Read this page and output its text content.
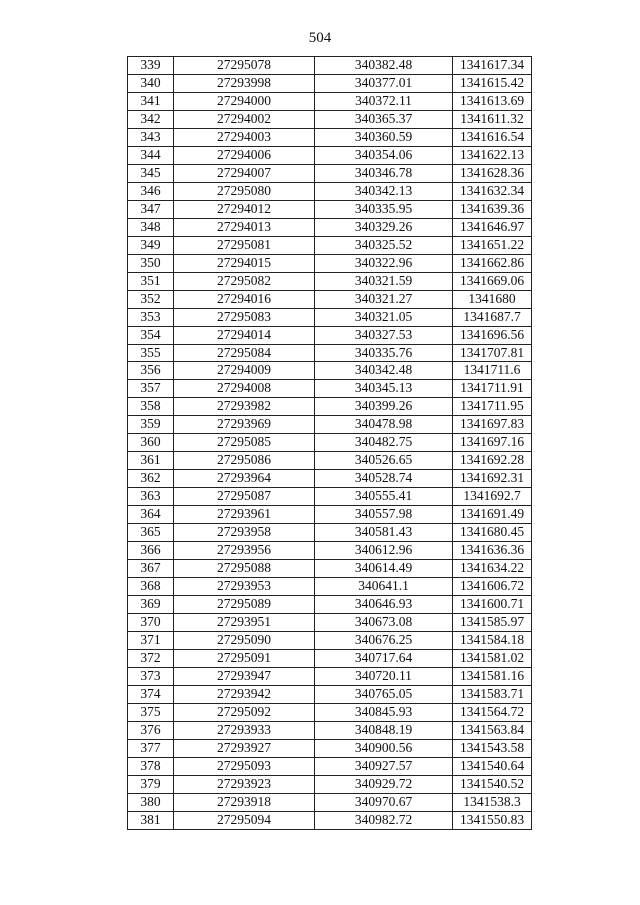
504
339	27295078	340382.48	1341617.34
340	27293998	340377.01	1341615.42
341	27294000	340372.11	1341613.69
342	27294002	340365.37	1341611.32
343	27294003	340360.59	1341616.54
344	27294006	340354.06	1341622.13
345	27294007	340346.78	1341628.36
346	27295080	340342.13	1341632.34
347	27294012	340335.95	1341639.36
348	27294013	340329.26	1341646.97
349	27295081	340325.52	1341651.22
350	27294015	340322.96	1341662.86
351	27295082	340321.59	1341669.06
352	27294016	340321.27	1341680
353	27295083	340321.05	1341687.7
354	27294014	340327.53	1341696.56
355	27295084	340335.76	1341707.81
356	27294009	340342.48	1341711.6
357	27294008	340345.13	1341711.91
358	27293982	340399.26	1341711.95
359	27293969	340478.98	1341697.83
360	27295085	340482.75	1341697.16
361	27295086	340526.65	1341692.28
362	27293964	340528.74	1341692.31
363	27295087	340555.41	1341692.7
364	27293961	340557.98	1341691.49
365	27293958	340581.43	1341680.45
366	27293956	340612.96	1341636.36
367	27295088	340614.49	1341634.22
368	27293953	340641.1	1341606.72
369	27295089	340646.93	1341600.71
370	27293951	340673.08	1341585.97
371	27295090	340676.25	1341584.18
372	27295091	340717.64	1341581.02
373	27293947	340720.11	1341581.16
374	27293942	340765.05	1341583.71
375	27295092	340845.93	1341564.72
376	27293933	340848.19	1341563.84
377	27293927	340900.56	1341543.58
378	27295093	340927.57	1341540.64
379	27293923	340929.72	1341540.52
380	27293918	340970.67	1341538.3
381	27295094	340982.72	1341550.83
